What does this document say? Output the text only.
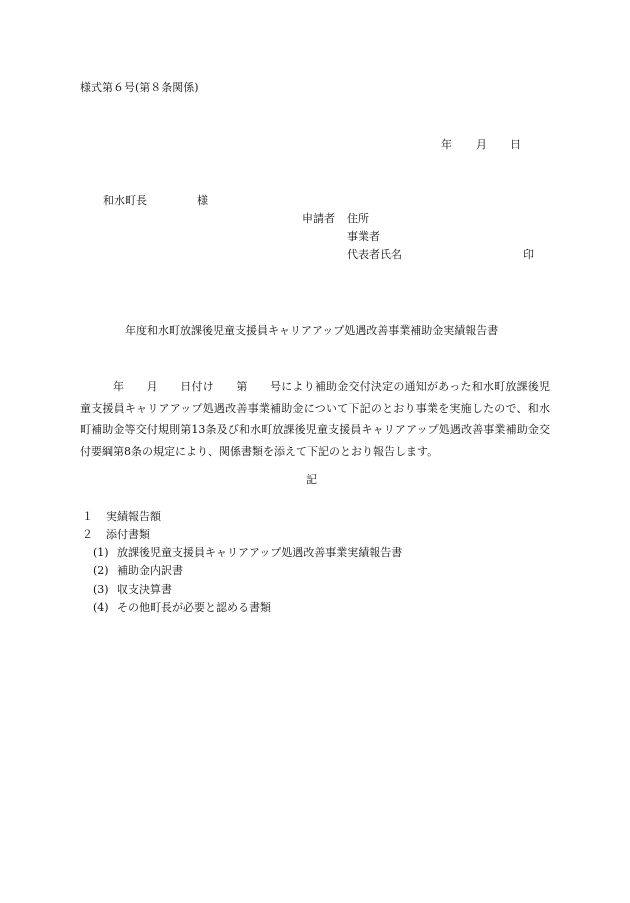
様式第６号(第８条関係)
年 月 日
和水町長	様
申請者 住所
事業者
代表者氏名	印
年度和水町放課後児童支援員キャリアアップ処遇改善事業補助金実績報告書
年　　月　　日付け　　第　　号により補助金交付決定の通知があった和水町放課後児童支援員キャリアアップ処遇改善事業補助金について下記のとおり事業を実施したので、和水町補助金等交付規則第13条及び和水町放課後児童支援員キャリアアップ処遇改善事業補助金交付要綱第8条の規定により、関係書類を添えて下記のとおり報告します。
記
１ 実績報告額
２ 添付書類
(1) 放課後児童支援員キャリアアップ処遇改善事業実績報告書
(2) 補助金内訳書
(3) 収支決算書
(4) その他町長が必要と認める書類
